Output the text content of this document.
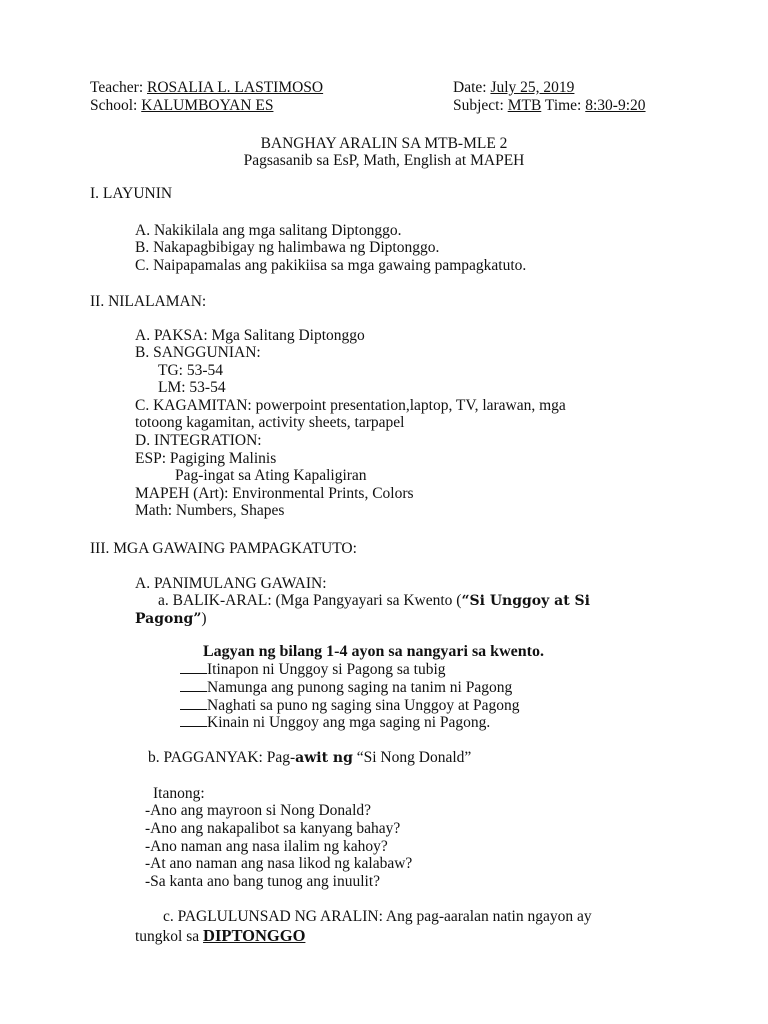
Teacher: ROSALIA L. LASTIMOSO	Date: July 25, 2019
School: KALUMBOYAN ES	Subject: MTB Time: 8:30-9:20
BANGHAY ARALIN SA MTB-MLE 2
Pagsasanib sa EsP, Math, English at MAPEH
I. LAYUNIN
A. Nakikilala ang mga salitang Diptonggo.
B. Nakapagbibigay ng halimbawa ng Diptonggo.
C. Naipapamalas ang pakikiisa sa mga gawaing pampagkatuto.
II. NILALAMAN:
A. PAKSA: Mga Salitang Diptonggo
B. SANGGUNIAN:
TG: 53-54
LM: 53-54
C. KAGAMITAN: powerpoint presentation,laptop, TV, larawan, mga
totoong kagamitan, activity sheets, tarpapel
D. INTEGRATION:
ESP: Pagiging Malinis
Pag-ingat sa Ating Kapaligiran
MAPEH (Art): Environmental Prints, Colors
Math: Numbers, Shapes
III. MGA GAWAING PAMPAGKATUTO:
A. PANIMULANG GAWAIN:
a. BALIK-ARAL: (Mga Pangyayari sa Kwento (“Si Unggoy at Si
Pagong”)
Lagyan ng bilang 1-4 ayon sa nangyari sa kwento.
Itinapon ni Unggoy si Pagong sa tubig
Namunga ang punong saging na tanim ni Pagong
Naghati sa puno ng saging sina Unggoy at Pagong
Kinain ni Unggoy ang mga saging ni Pagong.
b. PAGGANYAK: Pag-awit ng “Si Nong Donald”
Itanong:
-Ano ang mayroon si Nong Donald?
-Ano ang nakapalibot sa kanyang bahay?
-Ano naman ang nasa ilalim ng kahoy?
-At ano naman ang nasa likod ng kalabaw?
-Sa kanta ano bang tunog ang inuulit?
c. PAGLULUNSAD NG ARALIN: Ang pag-aaralan natin ngayon ay
tungkol sa DIPTONGGO
